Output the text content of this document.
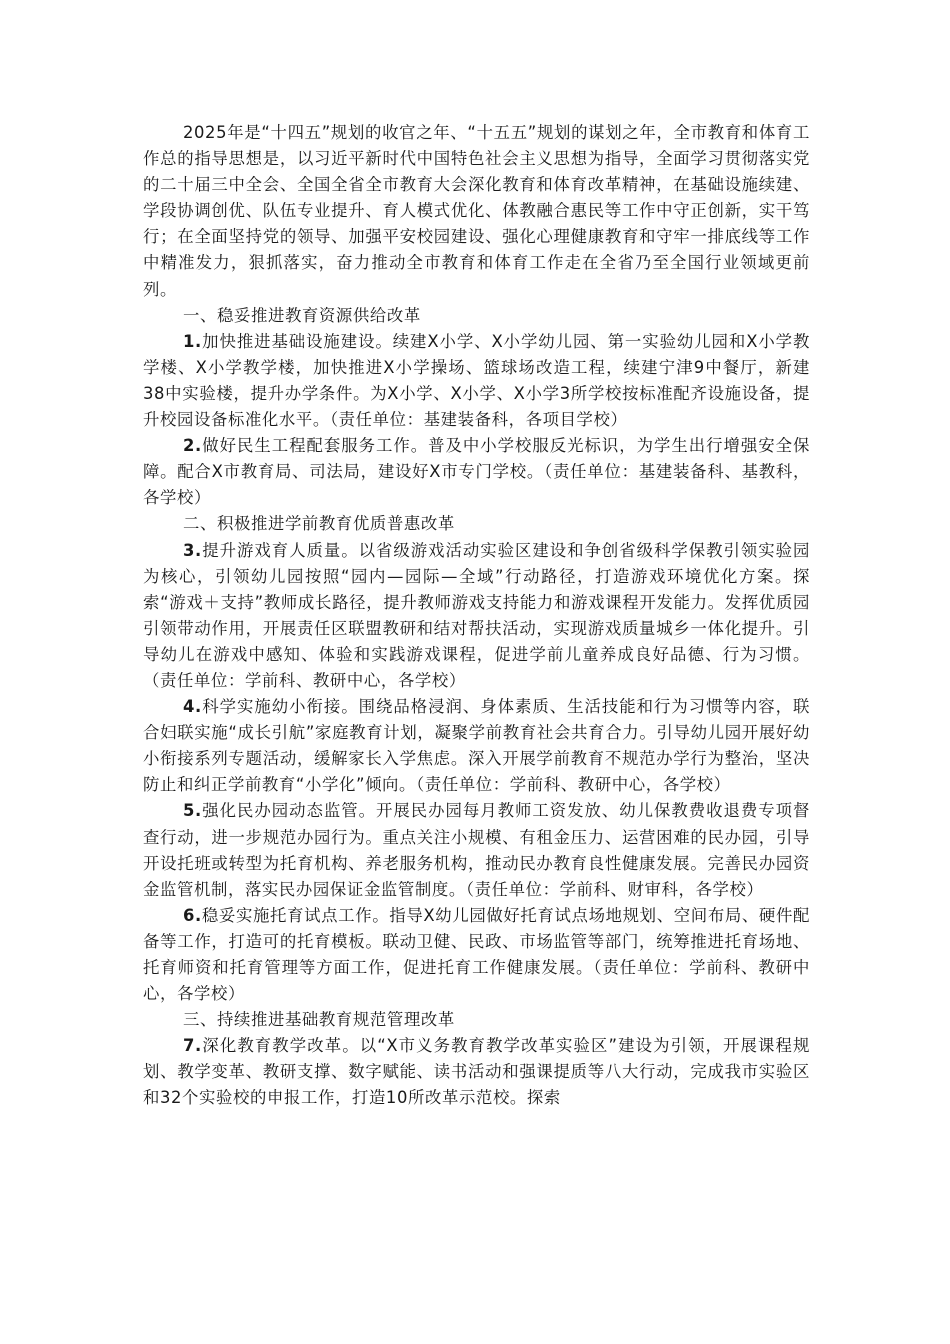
2025年是“十四五”规划的收官之年、“十五五”规划的谋划之年，全市教育和体育工作总的指导思想是，以习近平新时代中国特色社会主义思想为指导，全面学习贯彻落实党的二十届三中全会、全国全省全市教育大会深化教育和体育改革精神，在基础设施续建、学段协调创优、队伍专业提升、育人模式优化、体教融合惠民等工作中守正创新，实干笃行；在全面坚持党的领导、加强平安校园建设、强化心理健康教育和守牢一排底线等工作中精准发力，狠抓落实，奋力推动全市教育和体育工作走在全省乃至全国行业领域更前列。

一、稳妥推进教育资源供给改革

1.加快推进基础设施建设。续建X小学、X小学幼儿园、第一实验幼儿园和X小学教学楼、X小学教学楼，加快推进X小学操场、篮球场改造工程，续建宁津9中餐厅，新建38中实验楼，提升办学条件。为X小学、X小学、X小学3所学校按标准配齐设施设备，提升校园设备标准化水平。（责任单位：基建装备科，各项目学校）

2.做好民生工程配套服务工作。普及中小学校服反光标识，为学生出行增强安全保障。配合X市教育局、司法局，建设好X市专门学校。（责任单位：基建装备科、基教科，各学校）

二、积极推进学前教育优质普惠改革

3.提升游戏育人质量。以省级游戏活动实验区建设和争创省级科学保教引领实验园为核心，引领幼儿园按照“园内—园际—全域”行动路径，打造游戏环境优化方案。探索“游戏＋支持”教师成长路径，提升教师游戏支持能力和游戏课程开发能力。发挥优质园引领带动作用，开展责任区联盟教研和结对帮扶活动，实现游戏质量城乡一体化提升。引导幼儿在游戏中感知、体验和实践游戏课程，促进学前儿童养成良好品德、行为习惯。（责任单位：学前科、教研中心，各学校）

4.科学实施幼小衔接。围绕品格浸润、身体素质、生活技能和行为习惯等内容，联合妇联实施“成长引航”家庭教育计划，凝聚学前教育社会共育合力。引导幼儿园开展好幼小衔接系列专题活动，缓解家长入学焦虑。深入开展学前教育不规范办学行为整治，坚决防止和纠正学前教育“小学化”倾向。（责任单位：学前科、教研中心，各学校）

5.强化民办园动态监管。开展民办园每月教师工资发放、幼儿保教费收退费专项督查行动，进一步规范办园行为。重点关注小规模、有租金压力、运营困难的民办园，引导开设托班或转型为托育机构、养老服务机构，推动民办教育良性健康发展。完善民办园资金监管机制，落实民办园保证金监管制度。（责任单位：学前科、财审科，各学校）

6.稳妥实施托育试点工作。指导X幼儿园做好托育试点场地规划、空间布局、硬件配备等工作，打造可的托育模板。联动卫健、民政、市场监管等部门，统筹推进托育场地、托育师资和托育管理等方面工作，促进托育工作健康发展。（责任单位：学前科、教研中心，各学校）

三、持续推进基础教育规范管理改革

7.深化教育教学改革。以“X市义务教育教学改革实验区”建设为引领，开展课程规划、教学变革、教研支撑、数字赋能、读书活动和强课提质等八大行动，完成我市实验区和32个实验校的申报工作，打造10所改革示范校。探索
